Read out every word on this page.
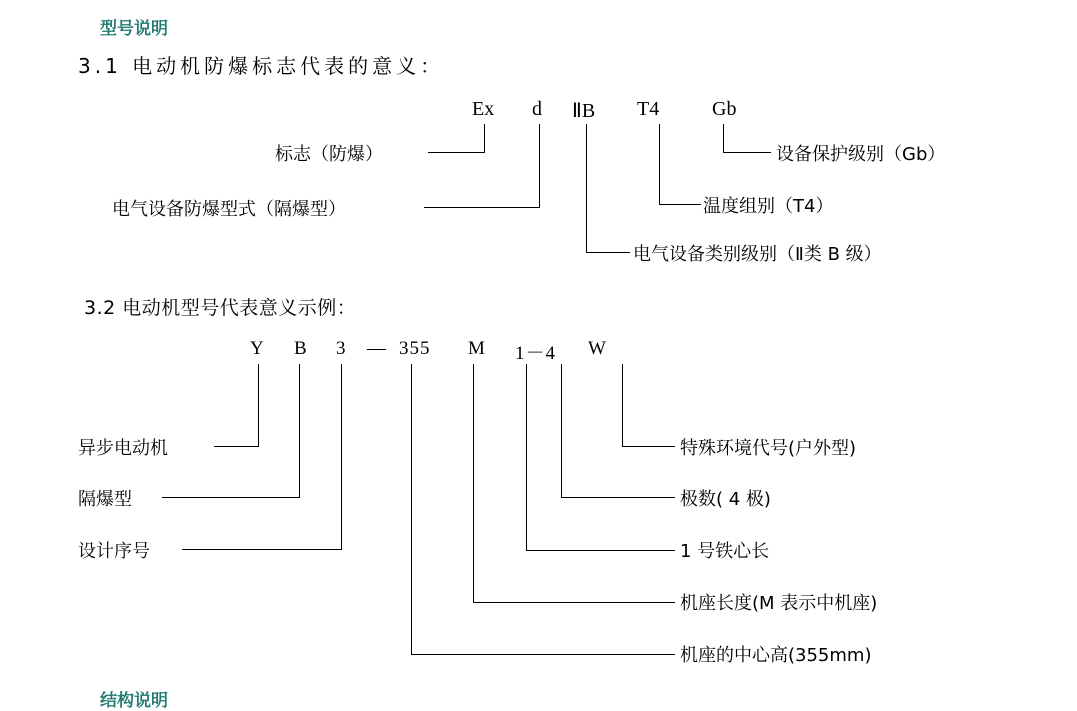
型号说明
3.1 电动机防爆标志代表的意义：
Ex d ⅡB T4	Gb
标志（防爆）
电气设备防爆型式（隔爆型）
电气设备类别级别（Ⅱ类 B 级）
温度组别（T4）
设备保护级别（Gb）
3.2 电动机型号代表意义示例：
Y B 3 — 355 M 1－4 W
异步电动机
隔爆型
设计序号
机座的中心高(355mm)
机座长度(M 表示中机座)
1 号铁心长
极数( 4 极)
特殊环境代号(户外型)
结构说明
